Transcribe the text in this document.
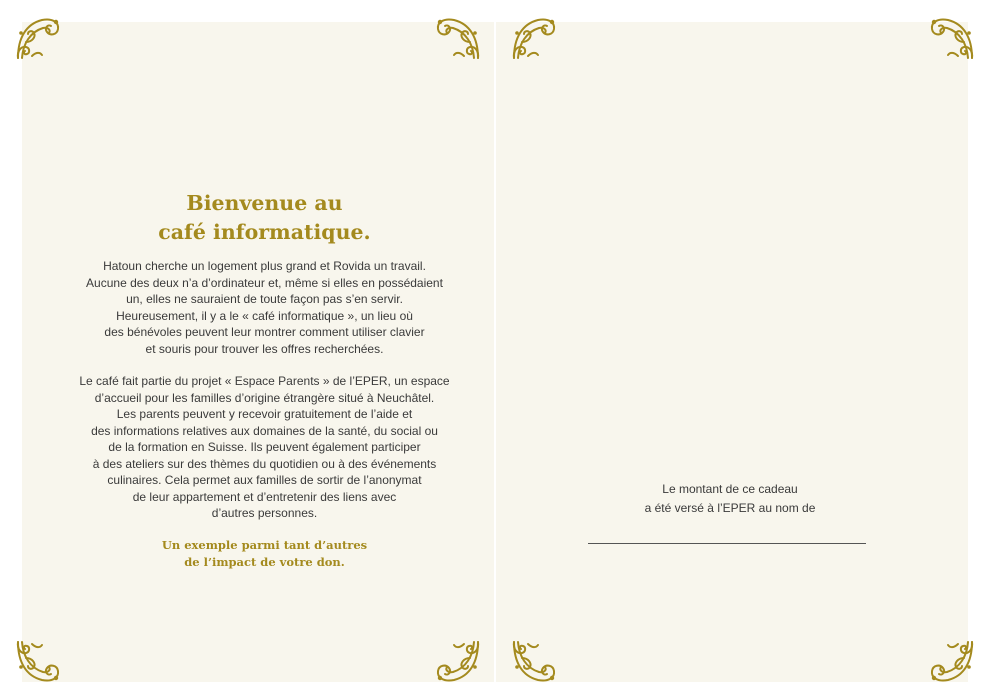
Bienvenue au
café informatique.
Hatoun cherche un logement plus grand et Rovida un travail.
Aucune des deux n’a d’ordinateur et, même si elles en possédaient
un, elles ne sauraient de toute façon pas s’en servir.
Heureusement, il y a le « café informatique », un lieu où
des bénévoles peuvent leur montrer comment utiliser clavier
et souris pour trouver les offres recherchées.
Le café fait partie du projet « Espace Parents » de l’EPER, un espace
d’accueil pour les familles d’origine étrangère situé à Neuchâtel.
Les parents peuvent y recevoir gratuitement de l’aide et
des informations relatives aux domaines de la santé, du social ou
de la formation en Suisse. Ils peuvent également participer
à des ateliers sur des thèmes du quotidien ou à des événements
culinaires. Cela permet aux familles de sortir de l’anonymat
de leur appartement et d’entretenir des liens avec
d’autres personnes.
Un exemple parmi tant d’autres
de l’impact de votre don.
Le montant de ce cadeau
a été versé à l’EPER au nom de
